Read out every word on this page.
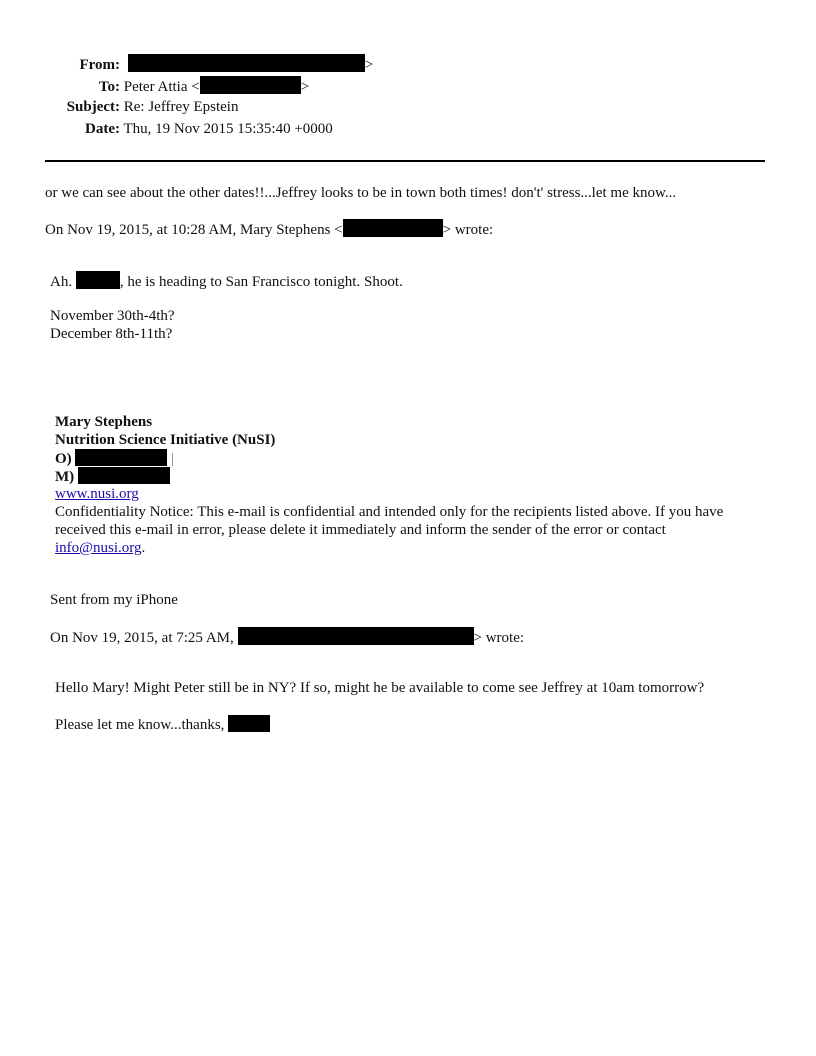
From:	>
To: Peter Attia <	>
Subject: Re: Jeffrey Epstein
Date: Thu, 19 Nov 2015 15:35:40 +0000
or we can see about the other dates!!...Jeffrey looks to be in town both times! don't' stress...let me know...
On Nov 19, 2015, at 10:28 AM, Mary Stephens <	> wrote:
Ah.	, he is heading to San Francisco tonight. Shoot.
November 30th-4th?
December 8th-11th?
Mary Stephens
Nutrition Science Initiative (NuSI)
O)	|
M)
www.nusi.org
Confidentiality Notice: This e-mail is confidential and intended only for the recipients listed above. If you have received this e-mail in error, please delete it immediately and inform the sender of the error or contact info@nusi.org.
Sent from my iPhone
On Nov 19, 2015, at 7:25 AM,	> wrote:
Hello Mary! Might Peter still be in NY? If so, might he be available to come see Jeffrey at 10am tomorrow?
Please let me know...thanks,
